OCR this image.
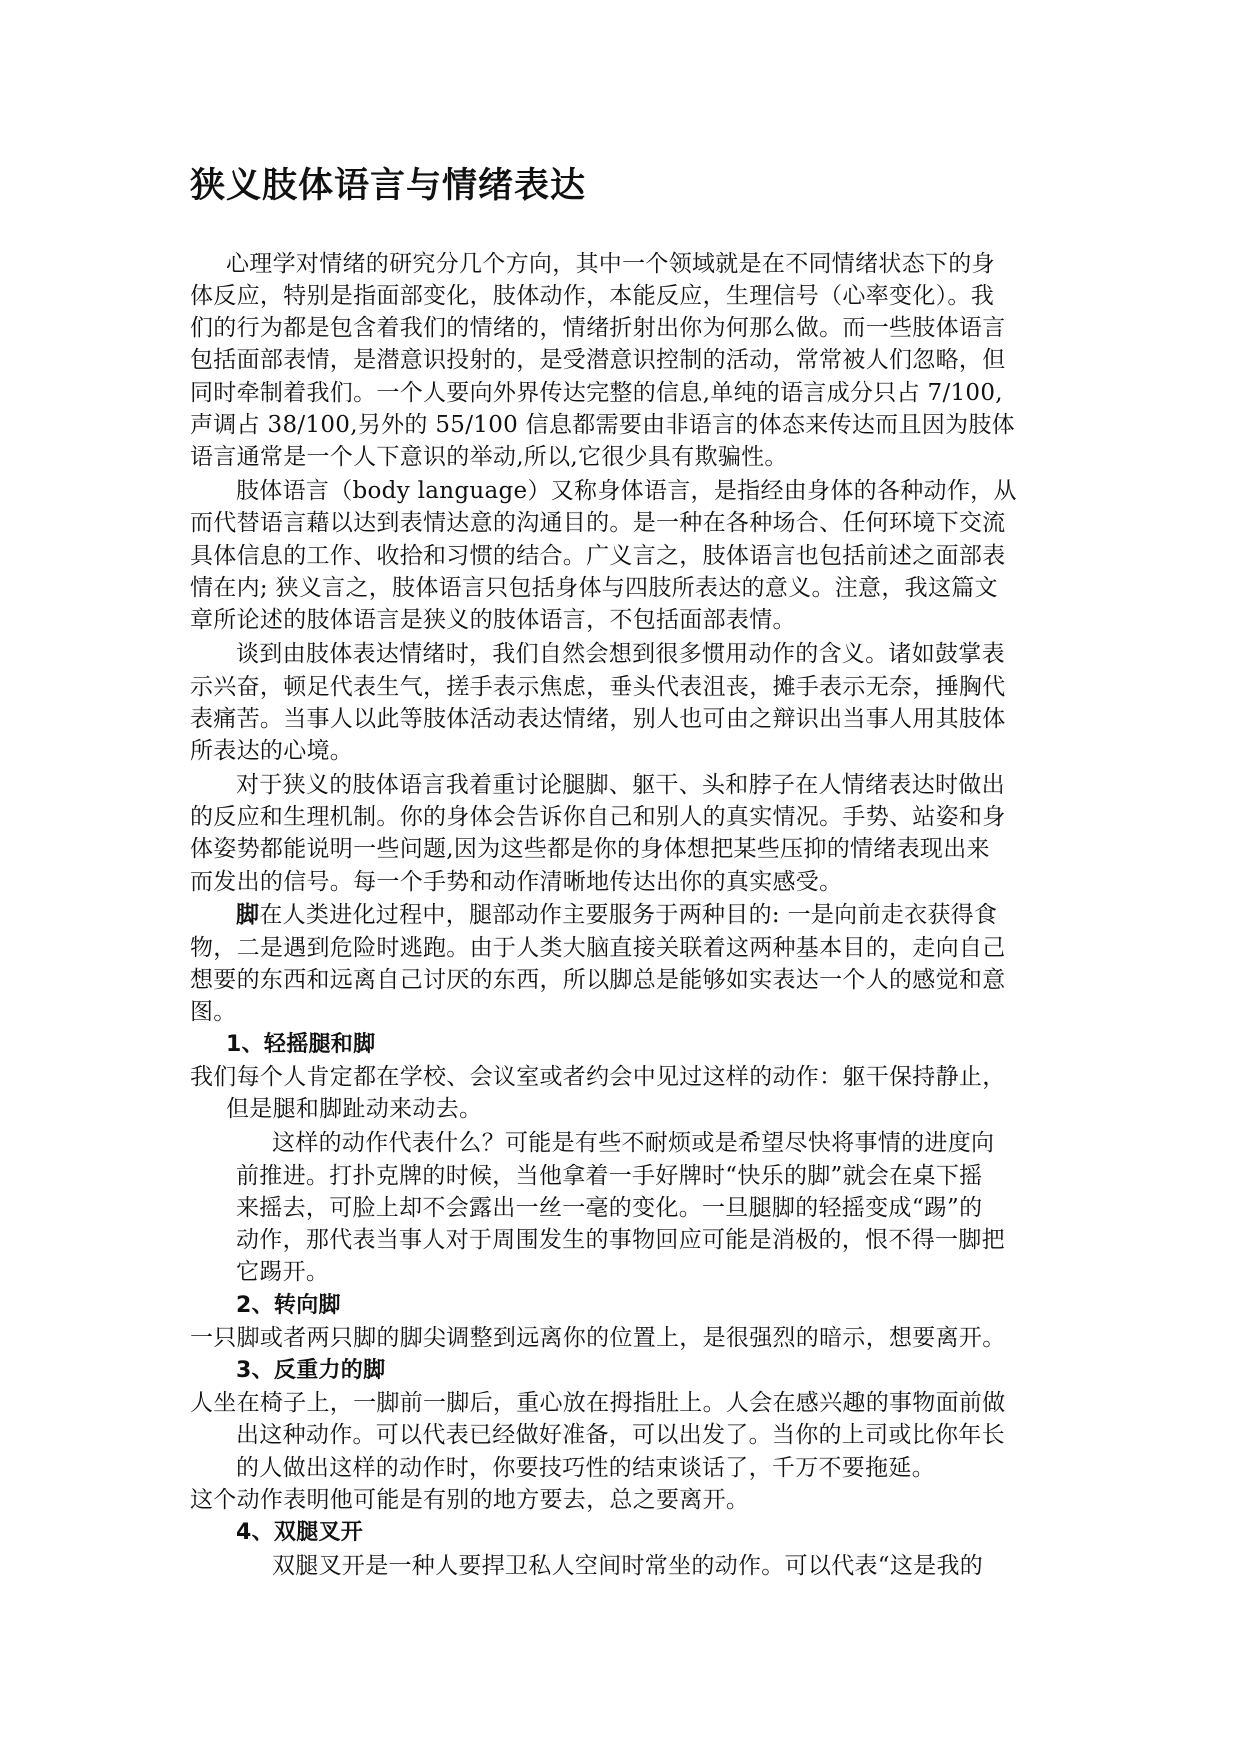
狭义肢体语言与情绪表达
心理学对情绪的研究分几个方向，其中一个领域就是在不同情绪状态下的身
体反应，特别是指面部变化，肢体动作，本能反应，生理信号（心率变化）。我
们的行为都是包含着我们的情绪的，情绪折射出你为何那么做。而一些肢体语言
包括面部表情，是潜意识投射的，是受潜意识控制的活动，常常被人们忽略，但
同时牵制着我们。一个人要向外界传达完整的信息,单纯的语言成分只占 7/100,
声调占 38/100,另外的 55/100 信息都需要由非语言的体态来传达而且因为肢体
语言通常是一个人下意识的举动,所以,它很少具有欺骗性。
肢体语言（body language）又称身体语言，是指经由身体的各种动作，从
而代替语言藉以达到表情达意的沟通目的。是一种在各种场合、任何环境下交流
具体信息的工作、收拾和习惯的结合。广义言之，肢体语言也包括前述之面部表
情在内; 狭义言之，肢体语言只包括身体与四肢所表达的意义。注意，我这篇文
章所论述的肢体语言是狭义的肢体语言，不包括面部表情。
谈到由肢体表达情绪时，我们自然会想到很多惯用动作的含义。诸如鼓掌表
示兴奋，顿足代表生气，搓手表示焦虑，垂头代表沮丧，摊手表示无奈，捶胸代
表痛苦。当事人以此等肢体活动表达情绪，别人也可由之辩识出当事人用其肢体
所表达的心境。
对于狭义的肢体语言我着重讨论腿脚、躯干、头和脖子在人情绪表达时做出
的反应和生理机制。你的身体会告诉你自己和别人的真实情况。手势、站姿和身
体姿势都能说明一些问题,因为这些都是你的身体想把某些压抑的情绪表现出来
而发出的信号。每一个手势和动作清晰地传达出你的真实感受。
脚在人类进化过程中，腿部动作主要服务于两种目的: 一是向前走衣获得食
物，二是遇到危险时逃跑。由于人类大脑直接关联着这两种基本目的，走向自己
想要的东西和远离自己讨厌的东西，所以脚总是能够如实表达一个人的感觉和意
图。
1、轻摇腿和脚
我们每个人肯定都在学校、会议室或者约会中见过这样的动作：躯干保持静止，
但是腿和脚趾动来动去。
这样的动作代表什么？可能是有些不耐烦或是希望尽快将事情的进度向
前推进。打扑克牌的时候，当他拿着一手好牌时“快乐的脚”就会在桌下摇
来摇去，可脸上却不会露出一丝一毫的变化。一旦腿脚的轻摇变成“踢”的
动作，那代表当事人对于周围发生的事物回应可能是消极的，恨不得一脚把
它踢开。
2、转向脚
一只脚或者两只脚的脚尖调整到远离你的位置上，是很强烈的暗示，想要离开。
3、反重力的脚
人坐在椅子上，一脚前一脚后，重心放在拇指肚上。人会在感兴趣的事物面前做
出这种动作。可以代表已经做好准备，可以出发了。当你的上司或比你年长
的人做出这样的动作时，你要技巧性的结束谈话了，千万不要拖延。
这个动作表明他可能是有别的地方要去，总之要离开。
4、双腿叉开
双腿叉开是一种人要捍卫私人空间时常坐的动作。可以代表“这是我的
